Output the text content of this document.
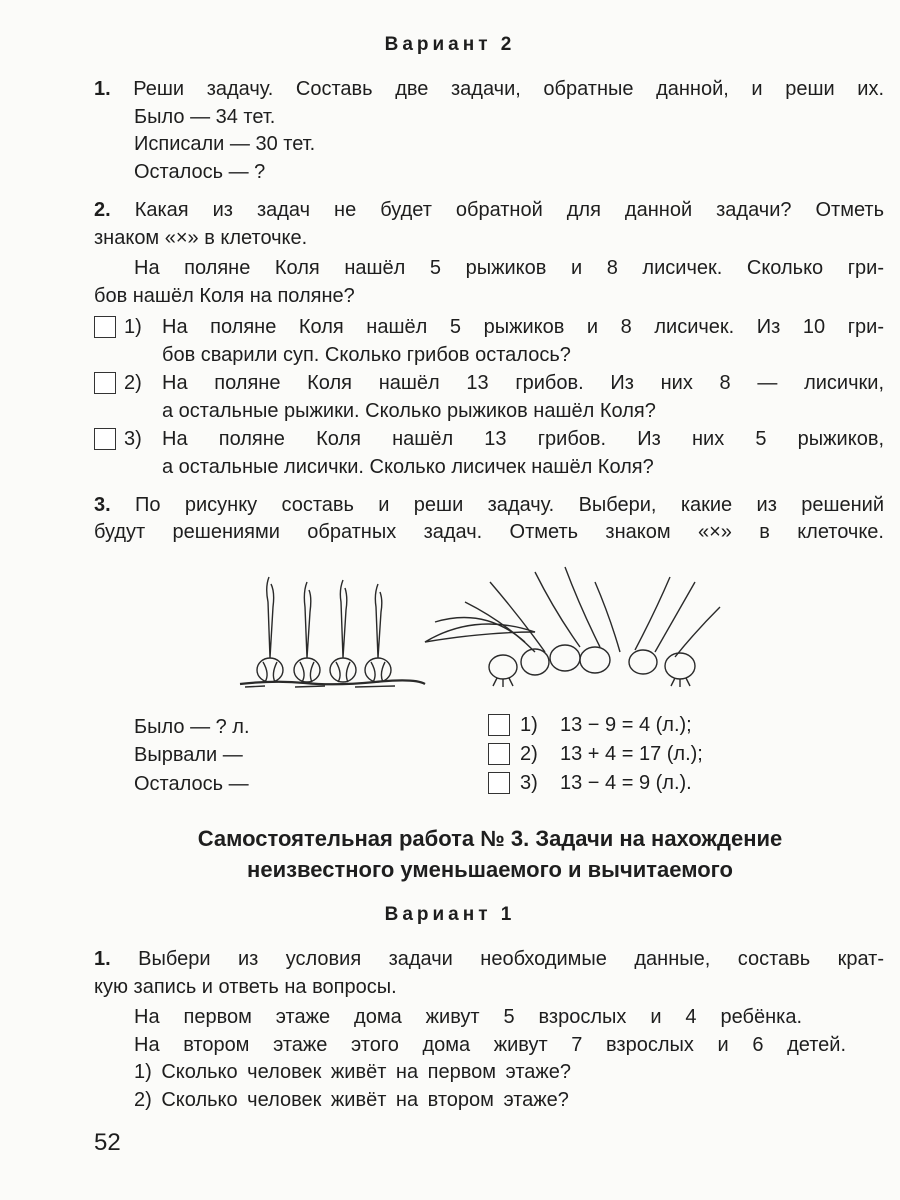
Вариант 2
1. Реши задачу. Составь две задачи, обратные данной, и реши их.
Было — 34 тет.
Исписали — 30 тет.
Осталось — ?
2. Какая из задач не будет обратной для данной задачи? Отметь
знаком «×» в клеточке.
На поляне Коля нашёл 5 рыжиков и 8 лисичек. Сколько гри-
бов нашёл Коля на поляне?
1) На поляне Коля нашёл 5 рыжиков и 8 лисичек. Из 10 гри-
бов сварили суп. Сколько грибов осталось?
2) На поляне Коля нашёл 13 грибов. Из них 8 — лисички,
а остальные рыжики. Сколько рыжиков нашёл Коля?
3) На поляне Коля нашёл 13 грибов. Из них 5 рыжиков,
а остальные лисички. Сколько лисичек нашёл Коля?
3. По рисунку составь и реши задачу. Выбери, какие из решений
будут решениями обратных задач. Отметь знаком «×» в клеточке.
Было — ? л.
Вырвали —
Осталось —
1) 13 − 9 = 4 (л.);
2) 13 + 4 = 17 (л.);
3) 13 − 4 = 9 (л.).
Самостоятельная работа № 3. Задачи на нахождение
неизвестного уменьшаемого и вычитаемого
Вариант 1
1. Выбери из условия задачи необходимые данные, составь крат-
кую запись и ответь на вопросы.
На первом этаже дома живут 5 взрослых и 4 ребёнка.
На втором этаже этого дома живут 7 взрослых и 6 детей.
1) Сколько человек живёт на первом этаже?
2) Сколько человек живёт на втором этаже?
52
